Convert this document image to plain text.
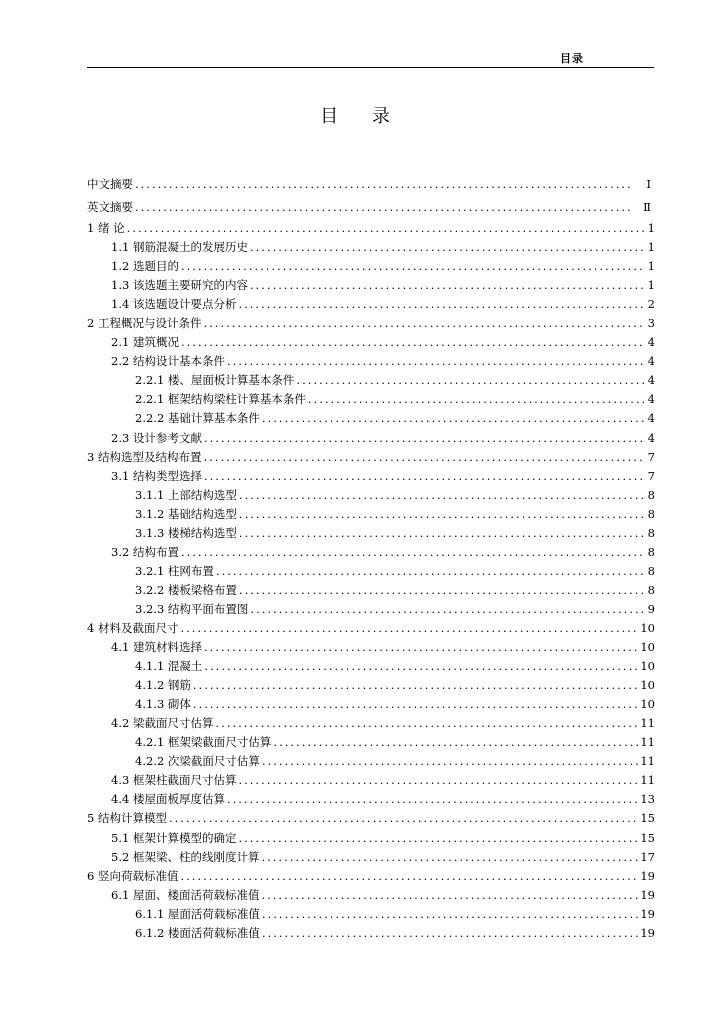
目录
目 录
中文摘要 .....	Ⅰ
英文摘要 .....	Ⅱ
1 绪 论 .....	1
1.1 钢筋混凝土的发展历史 .....	1
1.2 选题目的 .....	1
1.3 该选题主要研究的内容 .....	1
1.4 该选题设计要点分析 .....	2
2 工程概况与设计条件 .....	3
2.1 建筑概况 .....	4
2.2 结构设计基本条件 .....	4
2.2.1 楼、屋面板计算基本条件 .....	4
2.2.1 框架结构梁柱计算基本条件 .....	4
2.2.2 基础计算基本条件 .....	4
2.3 设计参考文献 .....	4
3 结构选型及结构布置 .....	7
3.1 结构类型选择 .....	7
3.1.1 上部结构选型 .....	8
3.1.2 基础结构选型 .....	8
3.1.3 楼梯结构选型 .....	8
3.2 结构布置 .....	8
3.2.1 柱网布置 .....	8
3.2.2 楼板梁格布置 .....	8
3.2.3 结构平面布置图 .....	9
4 材料及截面尺寸 .....	10
4.1 建筑材料选择 .....	10
4.1.1 混凝土 .....	10
4.1.2 钢筋 .....	10
4.1.3 砌体 .....	10
4.2 梁截面尺寸估算 .....	11
4.2.1 框架梁截面尺寸估算 .....	11
4.2.2 次梁截面尺寸估算 .....	11
4.3 框架柱截面尺寸估算 .....	11
4.4 楼屋面板厚度估算 .....	13
5 结构计算模型 .....	15
5.1 框架计算模型的确定 .....	15
5.2 框架梁、柱的线刚度计算 .....	17
6 竖向荷载标准值 .....	19
6.1 屋面、楼面活荷载标准值 .....	19
6.1.1 屋面活荷载标准值 .....	19
6.1.2 楼面活荷载标准值 .....	19
